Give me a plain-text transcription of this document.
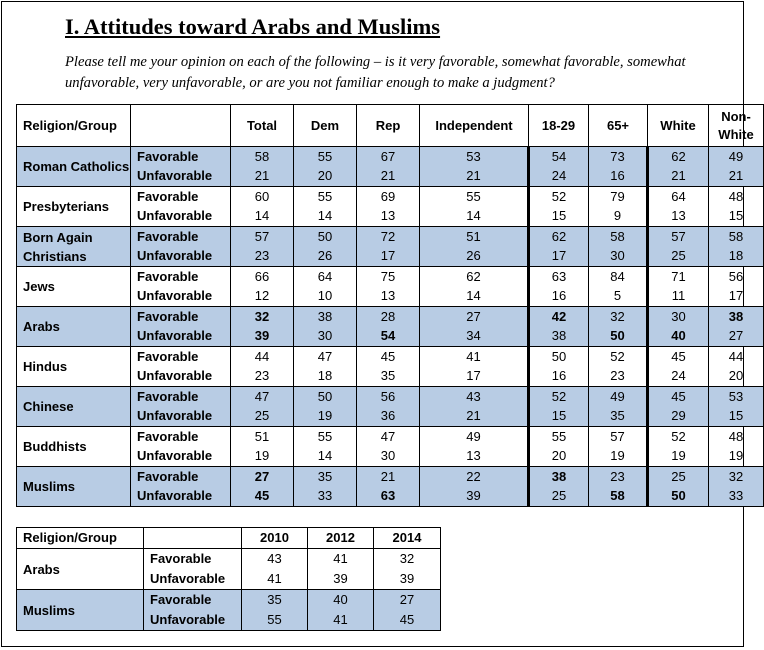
I. Attitudes toward Arabs and Muslims
Please tell me your opinion on each of the following – is it very favorable, somewhat favorable, somewhat unfavorable, very unfavorable, or are you not familiar enough to make a judgment?
Religion/Group		Total	Dem	Rep	Independent	18-29	65+	White	Non-White
Roman Catholics	Favorable	58	55	67	53	54	73	62	49
	Unfavorable	21	20	21	21	24	16	21	21
Presbyterians	Favorable	60	55	69	55	52	79	64	48
	Unfavorable	14	14	13	14	15	9	13	15
Born Again Christians	Favorable	57	50	72	51	62	58	57	58
	Unfavorable	23	26	17	26	17	30	25	18
Jews	Favorable	66	64	75	62	63	84	71	56
	Unfavorable	12	10	13	14	16	5	11	17
Arabs	Favorable	32	38	28	27	42	32	30	38
	Unfavorable	39	30	54	34	38	50	40	27
Hindus	Favorable	44	47	45	41	50	52	45	44
	Unfavorable	23	18	35	17	16	23	24	20
Chinese	Favorable	47	50	56	43	52	49	45	53
	Unfavorable	25	19	36	21	15	35	29	15
Buddhists	Favorable	51	55	47	49	55	57	52	48
	Unfavorable	19	14	30	13	20	19	19	19
Muslims	Favorable	27	35	21	22	38	23	25	32
	Unfavorable	45	33	63	39	25	58	50	33
Religion/Group		2010	2012	2014
Arabs	Favorable	43	41	32
	Unfavorable	41	39	39
Muslims	Favorable	35	40	27
	Unfavorable	55	41	45
